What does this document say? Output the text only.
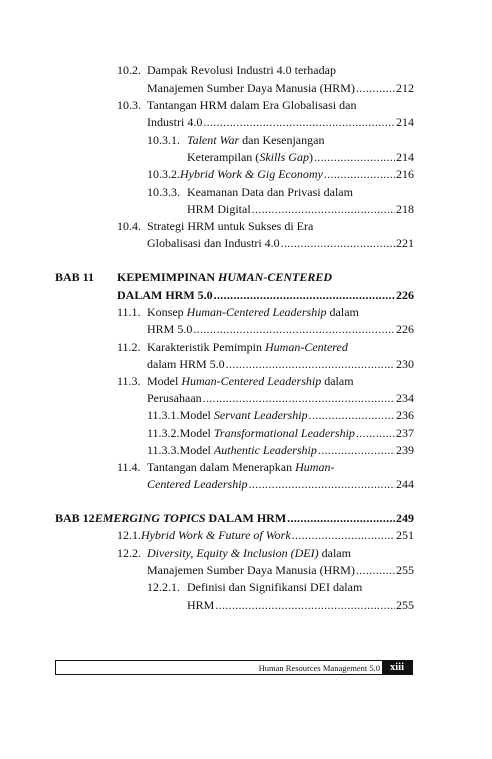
10.2. Dampak Revolusi Industri 4.0 terhadap
Manajemen Sumber Daya Manusia (HRM) .....	212
10.3. Tantangan HRM dalam Era Globalisasi dan
Industri 4.0 .....	214
10.3.1. Talent War dan Kesenjangan
Keterampilan (Skills Gap) .....	214
10.3.2. Hybrid Work & Gig Economy .....	216
10.3.3. Keamanan Data dan Privasi dalam
HRM Digital .....	218
10.4. Strategi HRM untuk Sukses di Era
Globalisasi dan Industri 4.0 .....	221
BAB 11	KEPEMIMPINAN HUMAN-CENTERED
DALAM HRM 5.0 .....	226
11.1. Konsep Human-Centered Leadership dalam
HRM 5.0 .....	226
11.2. Karakteristik Pemimpin Human-Centered
dalam HRM 5.0 .....	230
11.3. Model Human-Centered Leadership dalam
Perusahaan .....	234
11.3.1. Model Servant Leadership .....	236
11.3.2. Model Transformational Leadership .....	237
11.3.3. Model Authentic Leadership .....	239
11.4. Tantangan dalam Menerapkan Human-
Centered Leadership .....	244
BAB 12 EMERGING TOPICS DALAM HRM .....	249
12.1. Hybrid Work & Future of Work .....	251
12.2. Diversity, Equity & Inclusion (DEI) dalam
Manajemen Sumber Daya Manusia (HRM) .....	255
12.2.1. Definisi dan Signifikansi DEI dalam
HRM .....	255
Human Resources Management 5.0 xiii
